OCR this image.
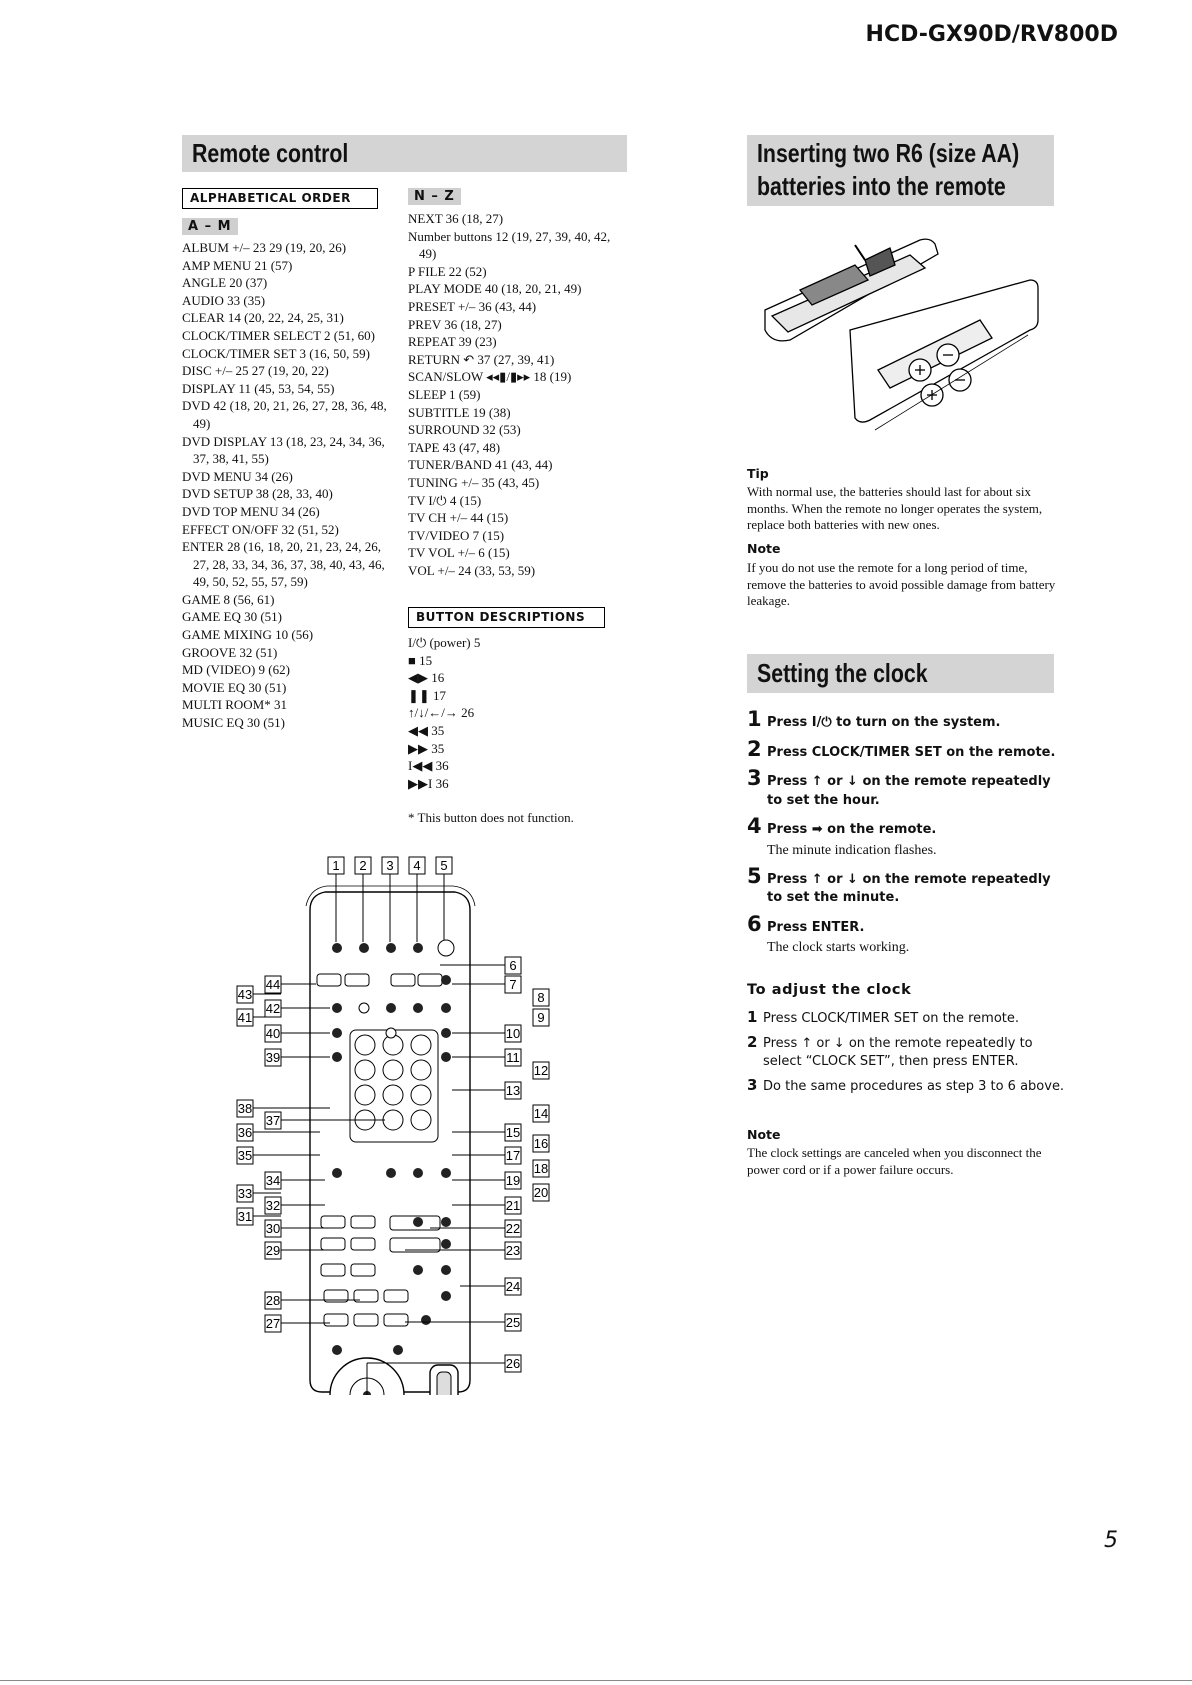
HCD-GX90D/RV800D
Remote control
ALPHABETICAL ORDER
A – M
ALBUM +/– 23 29 (19, 20, 26)
AMP MENU 21 (57)
ANGLE 20 (37)
AUDIO 33 (35)
CLEAR 14 (20, 22, 24, 25, 31)
CLOCK/TIMER SELECT 2 (51, 60)
CLOCK/TIMER SET 3 (16, 50, 59)
DISC +/– 25 27 (19, 20, 22)
DISPLAY 11 (45, 53, 54, 55)
DVD 42 (18, 20, 21, 26, 27, 28, 36, 48, 49)
DVD DISPLAY 13 (18, 23, 24, 34, 36, 37, 38, 41, 55)
DVD MENU 34 (26)
DVD SETUP 38 (28, 33, 40)
DVD TOP MENU 34 (26)
EFFECT ON/OFF 32 (51, 52)
ENTER 28 (16, 18, 20, 21, 23, 24, 26, 27, 28, 33, 34, 36, 37, 38, 40, 43, 46, 49, 50, 52, 55, 57, 59)
GAME 8 (56, 61)
GAME EQ 30 (51)
GAME MIXING 10 (56)
GROOVE 32 (51)
MD (VIDEO) 9 (62)
MOVIE EQ 30 (51)
MULTI ROOM* 31
MUSIC EQ 30 (51)
N – Z
NEXT 36 (18, 27)
Number buttons 12 (19, 27, 39, 40, 42, 49)
P FILE 22 (52)
PLAY MODE 40 (18, 20, 21, 49)
PRESET +/– 36 (43, 44)
PREV 36 (18, 27)
REPEAT 39 (23)
RETURN ↶ 37 (27, 39, 41)
SCAN/SLOW ◂◂▮/▮▸▸ 18 (19)
SLEEP 1 (59)
SUBTITLE 19 (38)
SURROUND 32 (53)
TAPE 43 (47, 48)
TUNER/BAND 41 (43, 44)
TUNING +/– 35 (43, 45)
TV I/⏻ 4 (15)
TV CH +/– 44 (15)
TV/VIDEO 7 (15)
TV VOL +/– 6 (15)
VOL +/– 24 (33, 53, 59)
BUTTON DESCRIPTIONS
I/⏻ (power) 5
■ 15
◀▶ 16
❚❚ 17
↑/↓/←/→ 26
◀◀ 35
▶▶ 35
I◀◀ 36
▶▶I 36
* This button does not function.
1 2 3 4 5
6
7
8
9
10
11
12
13
14
15
16
17
18
19
20
21
22
23
24
25
26
27
28
29
30
31
32
33
34
35
36
37
38
39
40
41
42
43
44
Inserting two R6 (size AA)
batteries into the remote
Tip
With normal use, the batteries should last for about six months. When the remote no longer operates the system, replace both batteries with new ones.
Note
If you do not use the remote for a long period of time, remove the batteries to avoid possible damage from battery leakage.
Setting the clock
1 Press I/⏻ to turn on the system.
2 Press CLOCK/TIMER SET on the remote.
3 Press ↑ or ↓ on the remote repeatedly to set the hour.
4 Press ➡ on the remote.
The minute indication flashes.
5 Press ↑ or ↓ on the remote repeatedly to set the minute.
6 Press ENTER.
The clock starts working.
To adjust the clock
1 Press CLOCK/TIMER SET on the remote.
2 Press ↑ or ↓ on the remote repeatedly to select “CLOCK SET”, then press ENTER.
3 Do the same procedures as step 3 to 6 above.
Note
The clock settings are canceled when you disconnect the power cord or if a power failure occurs.
5
